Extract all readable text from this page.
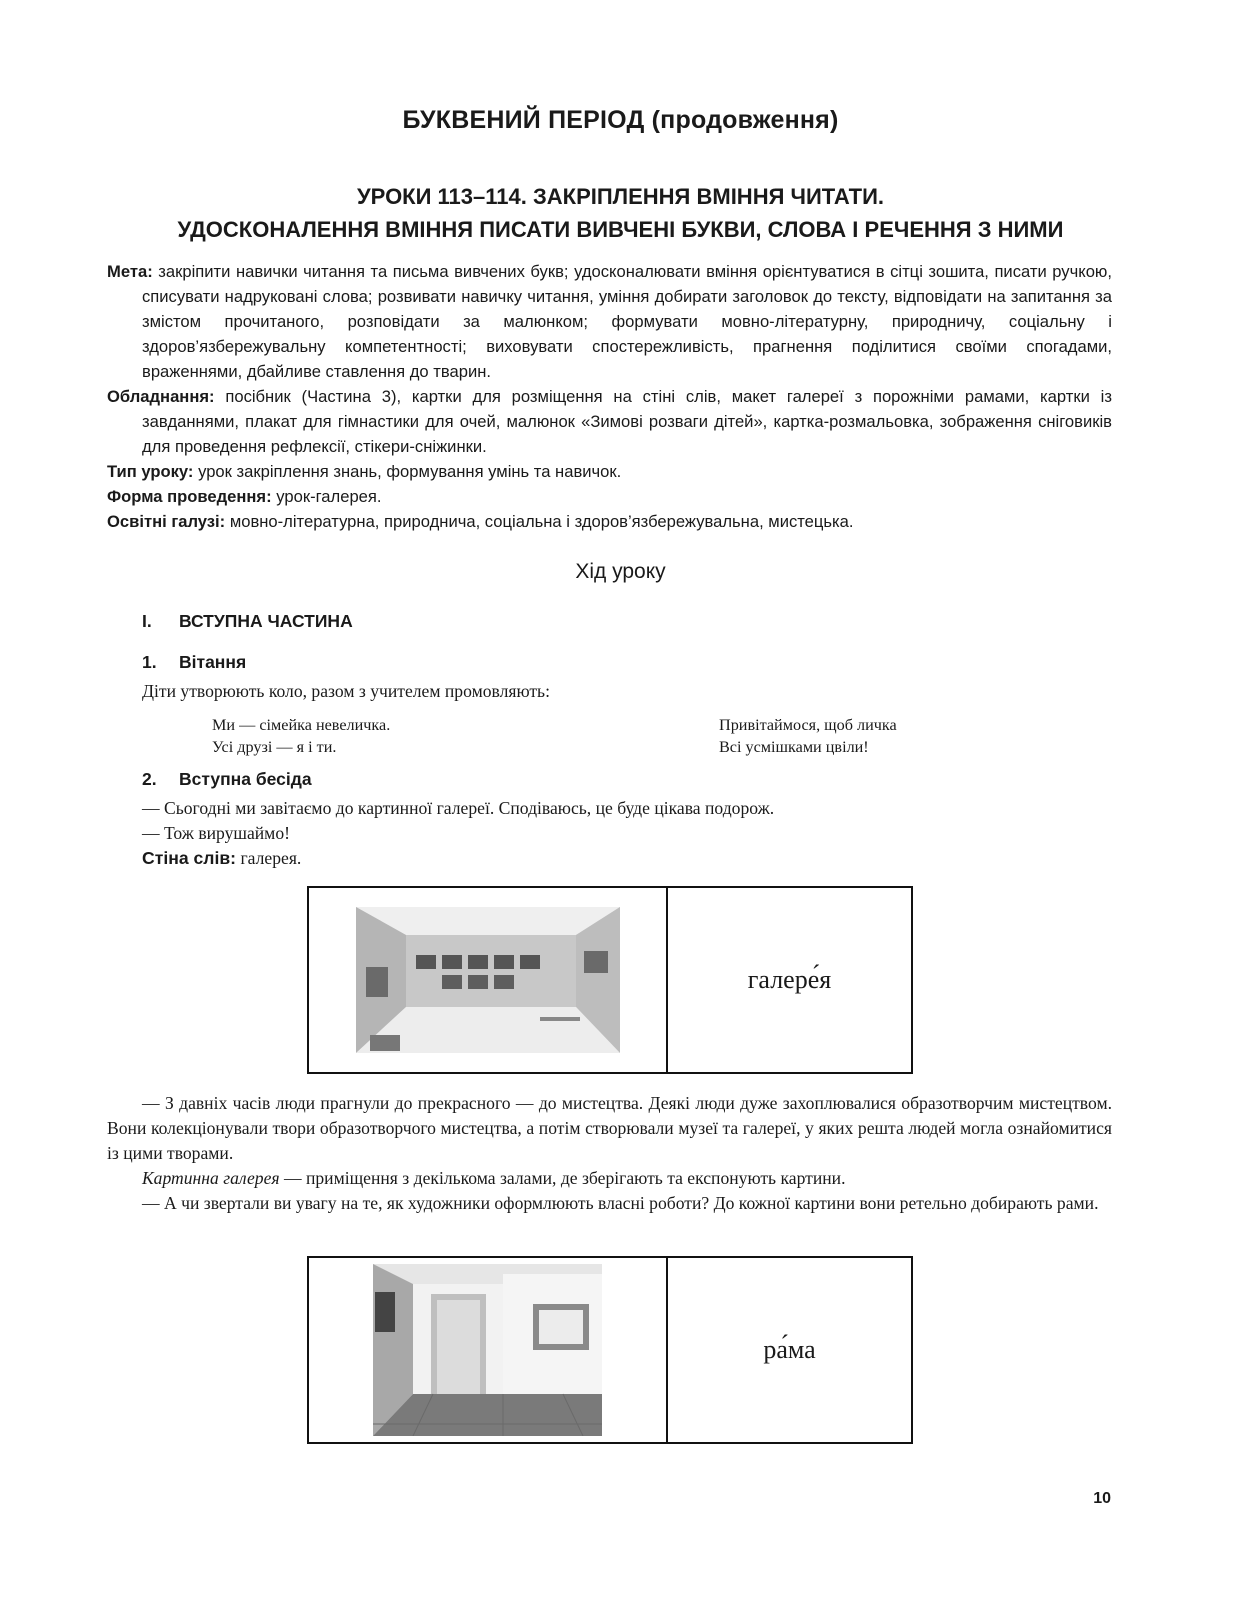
БУКВЕНИЙ ПЕРІОД (продовження)
УРОКИ 113–114. ЗАКРІПЛЕННЯ ВМІННЯ ЧИТАТИ.
УДОСКОНАЛЕННЯ ВМІННЯ ПИСАТИ ВИВЧЕНІ БУКВИ, СЛОВА І РЕЧЕННЯ З НИМИ
Мета: закріпити навички читання та письма вивчених букв; удосконалювати вміння орієнтуватися в сітці зошита, писати ручкою, списувати надруковані слова; розвивати навичку читання, уміння добирати заголовок до тексту, відповідати на запитання за змістом прочитаного, розповідати за малюнком; формувати мовно-літературну, природничу, соціальну і здоров’язбережувальну компетентності; виховувати спостережливість, прагнення поділитися своїми спогадами, враженнями, дбайливе ставлення до тварин.
Обладнання: посібник (Частина 3), картки для розміщення на стіні слів, макет галереї з порожніми рамами, картки із завданнями, плакат для гімнастики для очей, малюнок «Зимові розваги дітей», картка-розмальовка, зображення сніговиків для проведення рефлексії, стікери-сніжинки.
Тип уроку: урок закріплення знань, формування умінь та навичок.
Форма проведення: урок-галерея.
Освітні галузі: мовно-літературна, природнича, соціальна і здоров’язбережувальна, мистецька.
Хід уроку
I. ВСТУПНА ЧАСТИНА
1. Вітання
Діти утворюють коло, разом з учителем промовляють:
Ми — сімейка невеличка.
Усі друзі — я і ти.
Привітаймося, щоб личка
Всі усмішками цвіли!
2. Вступна бесіда
— Сьогодні ми завітаємо до картинної галереї. Сподіваюсь, це буде цікава подорож.
— Тож вирушаймо!
Стіна слів: галерея.
галере́я
— З давніх часів люди прагнули до прекрасного — до мистецтва. Деякі люди дуже захоплювалися образотворчим мистецтвом. Вони колекціонували твори образотворчого мистецтва, а потім створювали музеї та галереї, у яких решта людей могла ознайомитися із цими творами.
Картинна галерея — приміщення з декількома залами, де зберігають та експонують картини.
— А чи звертали ви увагу на те, як художники оформлюють власні роботи? До кожної картини вони ретельно добирають рами.
ра́ма
10
